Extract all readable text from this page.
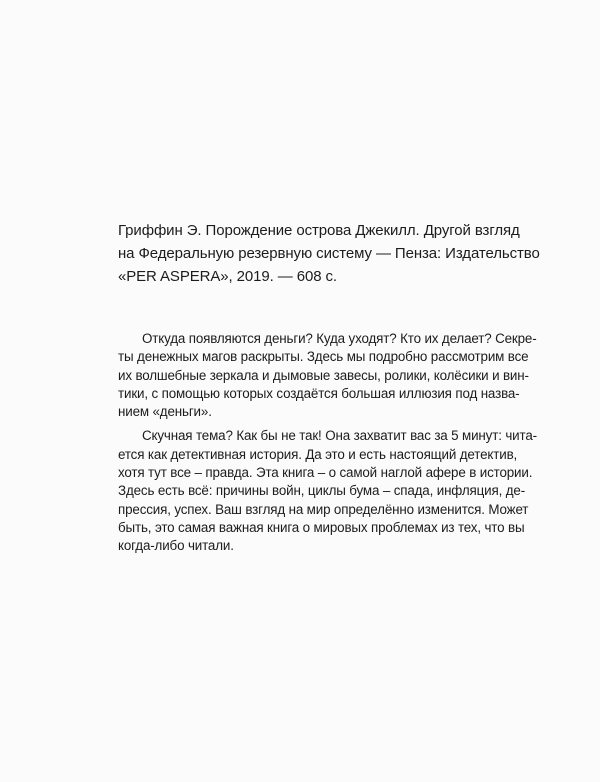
Гриффин Э. Порождение острова Джекилл. Другой взгляд
на Федеральную резервную систему — Пенза: Издательство
«PER ASPERA», 2019. — 608 с.
Откуда появляются деньги? Куда уходят? Кто их делает? Секре-
ты денежных магов раскрыты. Здесь мы подробно рассмотрим все
их волшебные зеркала и дымовые завесы, ролики, колёсики и вин-
тики, с помощью которых создаётся большая иллюзия под назва-
нием «деньги».
Скучная тема? Как бы не так! Она захватит вас за 5 минут: чита-
ется как детективная история. Да это и есть настоящий детектив,
хотя тут все – правда. Эта книга – о самой наглой афере в истории.
Здесь есть всё: причины войн, циклы бума – спада, инфляция, де-
прессия, успех. Ваш взгляд на мир определённо изменится. Может
быть, это самая важная книга о мировых проблемах из тех, что вы
когда-либо читали.
